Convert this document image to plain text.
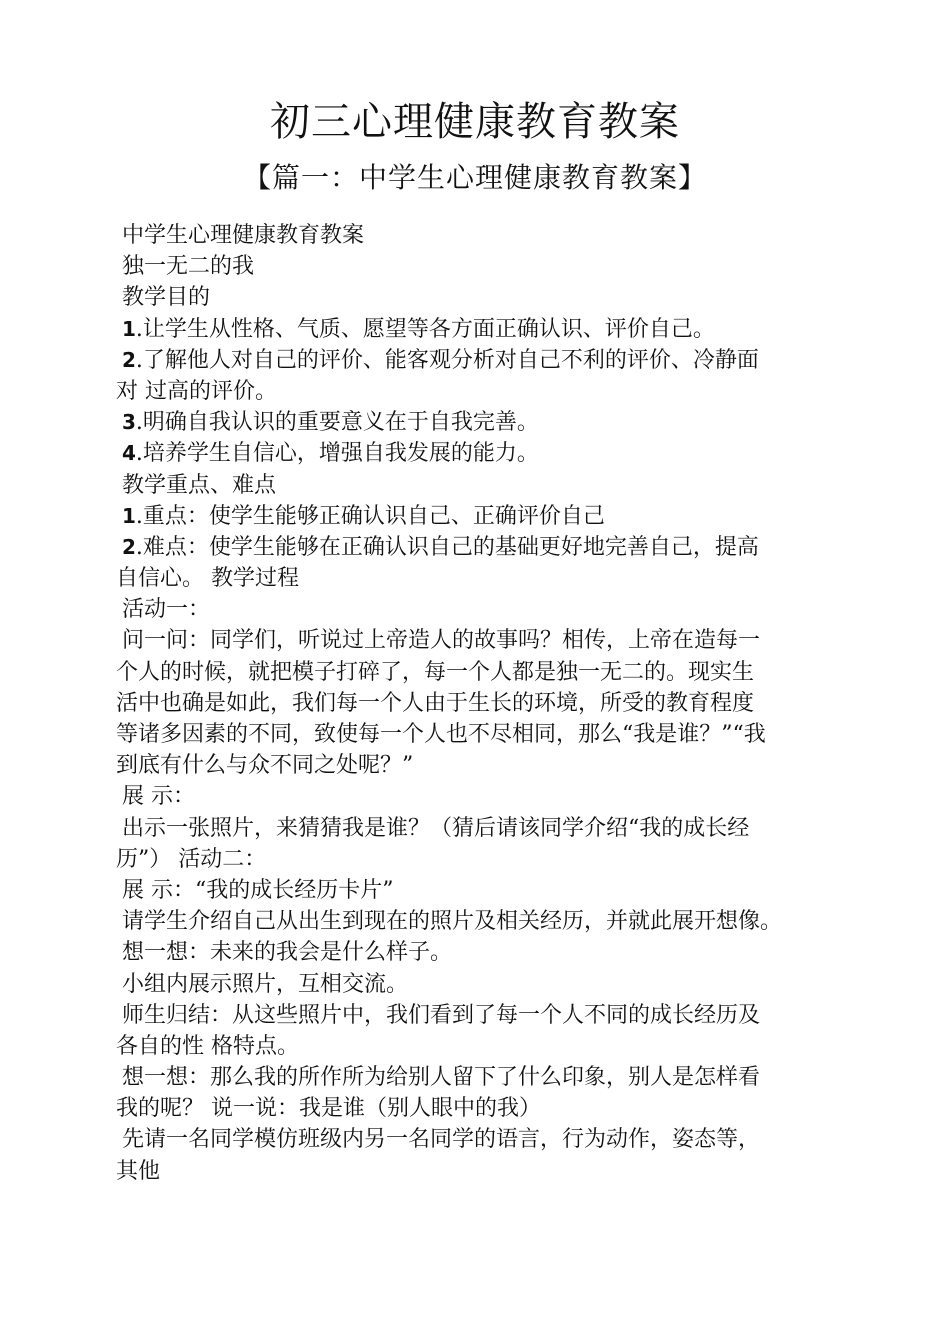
初三心理健康教育教案
【篇一：中学生心理健康教育教案】
中学生心理健康教育教案
独一无二的我
教学目的
1.让学生从性格、气质、愿望等各方面正确认识、评价自己。
2.了解他人对自己的评价、能客观分析对自己不利的评价、冷静面
对 过高的评价。
3.明确自我认识的重要意义在于自我完善。
4.培养学生自信心，增强自我发展的能力。
教学重点、难点
1.重点：使学生能够正确认识自己、正确评价自己
2.难点：使学生能够在正确认识自己的基础更好地完善自己，提高
自信心。 教学过程
活动一：
问一问：同学们，听说过上帝造人的故事吗？相传，上帝在造每一
个人的时候，就把模子打碎了，每一个人都是独一无二的。现实生
活中也确是如此，我们每一个人由于生长的环境，所受的教育程度
等诸多因素的不同，致使每一个人也不尽相同，那么“我是谁？”“我
到底有什么与众不同之处呢？”
展 示：
出示一张照片，来猜猜我是谁？（猜后请该同学介绍“我的成长经
历”） 活动二：
展 示：“我的成长经历卡片”
请学生介绍自己从出生到现在的照片及相关经历，并就此展开想像。
想一想：未来的我会是什么样子。
小组内展示照片，互相交流。
师生归结：从这些照片中，我们看到了每一个人不同的成长经历及
各自的性 格特点。
想一想：那么我的所作所为给别人留下了什么印象，别人是怎样看
我的呢？ 说一说：我是谁（别人眼中的我）
先请一名同学模仿班级内另一名同学的语言，行为动作，姿态等，
其他
